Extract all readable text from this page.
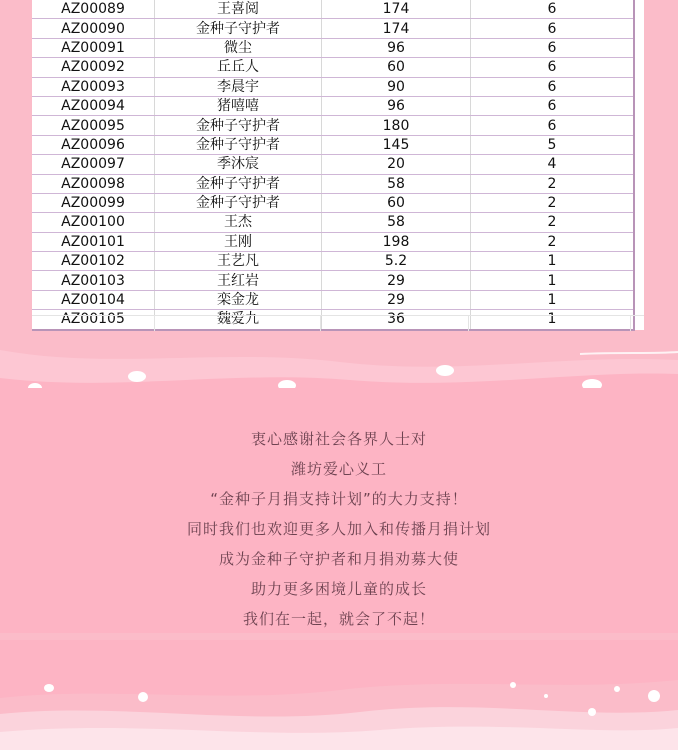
AZ00089	王喜阅	174	6
AZ00090	金种子守护者	174	6
AZ00091	微尘	96	6
AZ00092	丘丘人	60	6
AZ00093	李晨宇	90	6
AZ00094	猪嘻嘻	96	6
AZ00095	金种子守护者	180	6
AZ00096	金种子守护者	145	5
AZ00097	季沐宸	20	4
AZ00098	金种子守护者	58	2
AZ00099	金种子守护者	60	2
AZ00100	王杰	58	2
AZ00101	王刚	198	2
AZ00102	王艺凡	5.2	1
AZ00103	王红岩	29	1
AZ00104	栾金龙	29	1
AZ00105	魏爱九	36	1
衷心感谢社会各界人士对
潍坊爱心义工
“金种子月捐支持计划”的大力支持！
同时我们也欢迎更多人加入和传播月捐计划
成为金种子守护者和月捐劝募大使
助力更多困境儿童的成长
我们在一起，就会了不起！
